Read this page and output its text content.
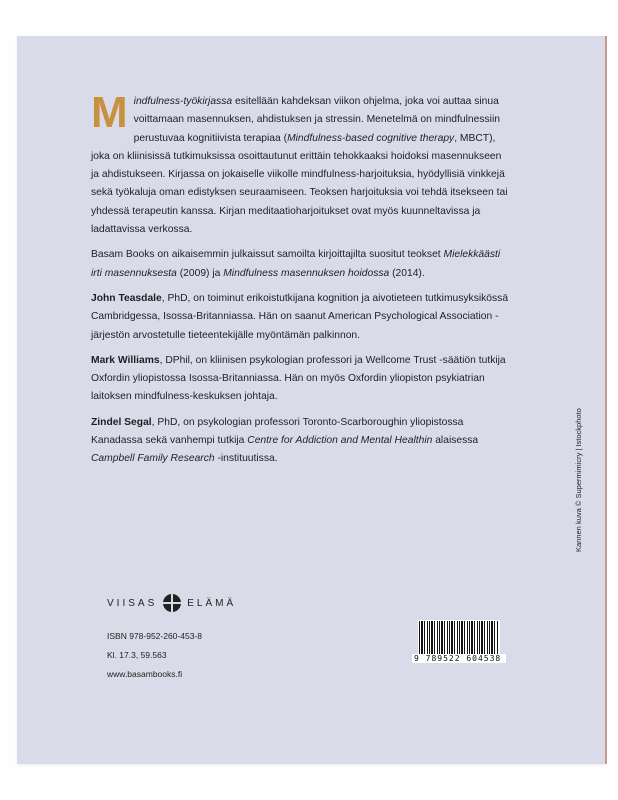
Mindfulness-työkirjassa esitellään kahdeksan viikon ohjelma, joka voi auttaa sinua voittamaan masennuksen, ahdistuksen ja stressin. Menetelmä on mindfulnessiin perustuvaa kognitiivista terapiaa (Mindfulness-based cognitive therapy, MBCT), joka on kliinisissä tutkimuksissa osoittautunut erittäin tehokkaaksi hoidoksi masennukseen ja ahdistukseen. Kirjassa on jokaiselle viikolle mindfulness-harjoituksia, hyödyllisiä vinkkejä sekä työkaluja oman edistyksen seuraamiseen. Teoksen harjoituksia voi tehdä itsekseen tai yhdessä terapeutin kanssa. Kirjan meditaatioharjoitukset ovat myös kuunneltavissa ja ladattavissa verkossa.

Basam Books on aikaisemmin julkaissut samoilta kirjoittajilta suositut teokset Mielekkäästi irti masennuksesta (2009) ja Mindfulness masennuksen hoidossa (2014).

John Teasdale, PhD, on toiminut erikoistutkijana kognition ja aivotieteen tutkimusyksikössä Cambridgessa, Isossa-Britanniassa. Hän on saanut American Psychological Association -järjestön arvostetulle tieteentekijälle myöntämän palkinnon.

Mark Williams, DPhil, on kliinisen psykologian professori ja Wellcome Trust -säätiön tutkija Oxfordin yliopistossa Isossa-Britanniassa. Hän on myös Oxfordin yliopiston psykiatrian laitoksen mindfulness-keskuksen johtaja.

Zindel Segal, PhD, on psykologian professori Toronto-Scarboroughin yliopistossa Kanadassa sekä vanhempi tutkija Centre for Addiction and Mental Healthin alaisessa Campbell Family Research -instituutissa.

VIISAS	ELÄMÄ
ISBN 978-952-260-453-8
Kl. 17.3, 59.563
www.basambooks.fi
9 789522 604538
Kannen kuva © Supermimicry | Istockphoto
